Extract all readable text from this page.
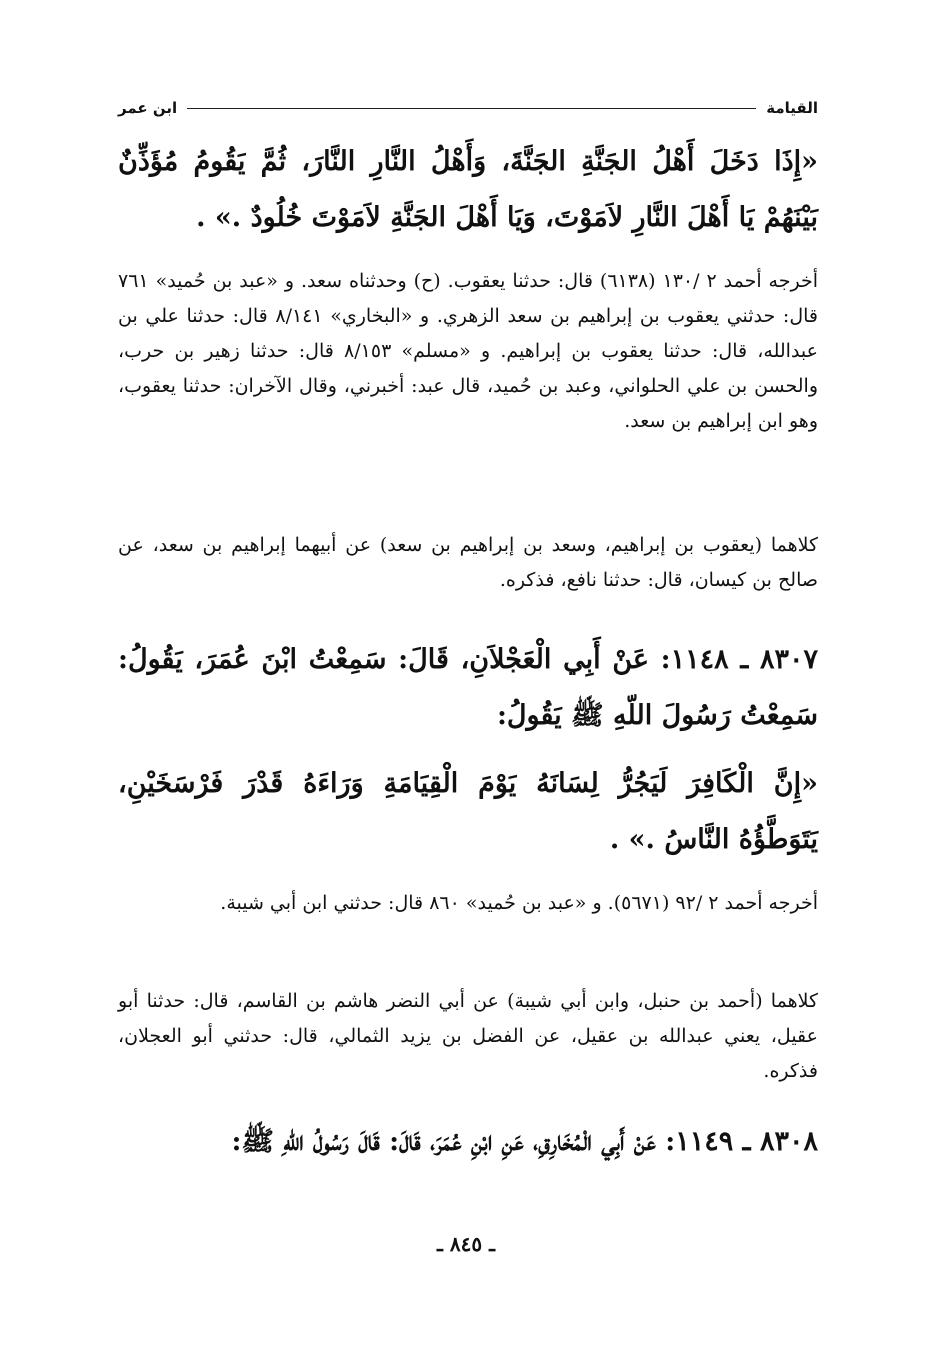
القيامة
ابن عمر
«إِذَا دَخَلَ أَهْلُ الجَنَّةِ الجَنَّةَ، وَأَهْلُ النَّارِ النَّارَ، ثُمَّ يَقُومُ مُؤَذِّنٌ بَيْنَهُمْ يَا أَهْلَ النَّارِ لاَمَوْتَ، وَيَا أَهْلَ الجَنَّةِ لاَمَوْتَ خُلُودٌ .» .
أخرجه أحمد ٢ /١٣٠ (٦١٣٨) قال: حدثنا يعقوب. (ح) وحدثناه سعد. و «عبد بن حُميد» ٧٦١ قال: حدثني يعقوب بن إبراهيم بن سعد الزهري. و «البخاري» ٨/١٤١ قال: حدثنا علي بن عبدالله، قال: حدثنا يعقوب بن إبراهيم. و «مسلم» ٨/١٥٣ قال: حدثنا زهير بن حرب، والحسن بن علي الحلواني، وعبد بن حُميد، قال عبد: أخبرني، وقال الآخران: حدثنا يعقوب، وهو ابن إبراهيم بن سعد.
كلاهما (يعقوب بن إبراهيم، وسعد بن إبراهيم بن سعد) عن أبيهما إبراهيم بن سعد، عن صالح بن كيسان، قال: حدثنا نافع، فذكره.
٨٣٠٧ ـ ١١٤٨: عَنْ أَبِي الْعَجْلاَنِ، قَالَ: سَمِعْتُ ابْنَ عُمَرَ، يَقُولُ: سَمِعْتُ رَسُولَ اللّهِ ﷺ يَقُولُ:
«إِنَّ الْكَافِرَ لَيَجُرُّ لِسَانَهُ يَوْمَ الْقِيَامَةِ وَرَاءَهُ قَدْرَ فَرْسَخَيْنِ، يَتَوَطَّؤُهُ النَّاسُ .» .
أخرجه أحمد ٢ /٩٢ (٥٦٧١). و «عبد بن حُميد» ٨٦٠ قال: حدثني ابن أبي شيبة.
كلاهما (أحمد بن حنبل، وابن أبي شيبة) عن أبي النضر هاشم بن القاسم، قال: حدثنا أبو عقيل، يعني عبدالله بن عقيل، عن الفضل بن يزيد الثمالي، قال: حدثني أبو العجلان، فذكره.
٨٣٠٨ ـ ١١٤٩: عَنْ أَبِي الْمُخَارِقِ، عَنِ ابْنِ عُمَرَ، قَالَ: قَالَ رَسُولُ اللّهِ ﷺ:
ـ ٨٤٥ ـ
